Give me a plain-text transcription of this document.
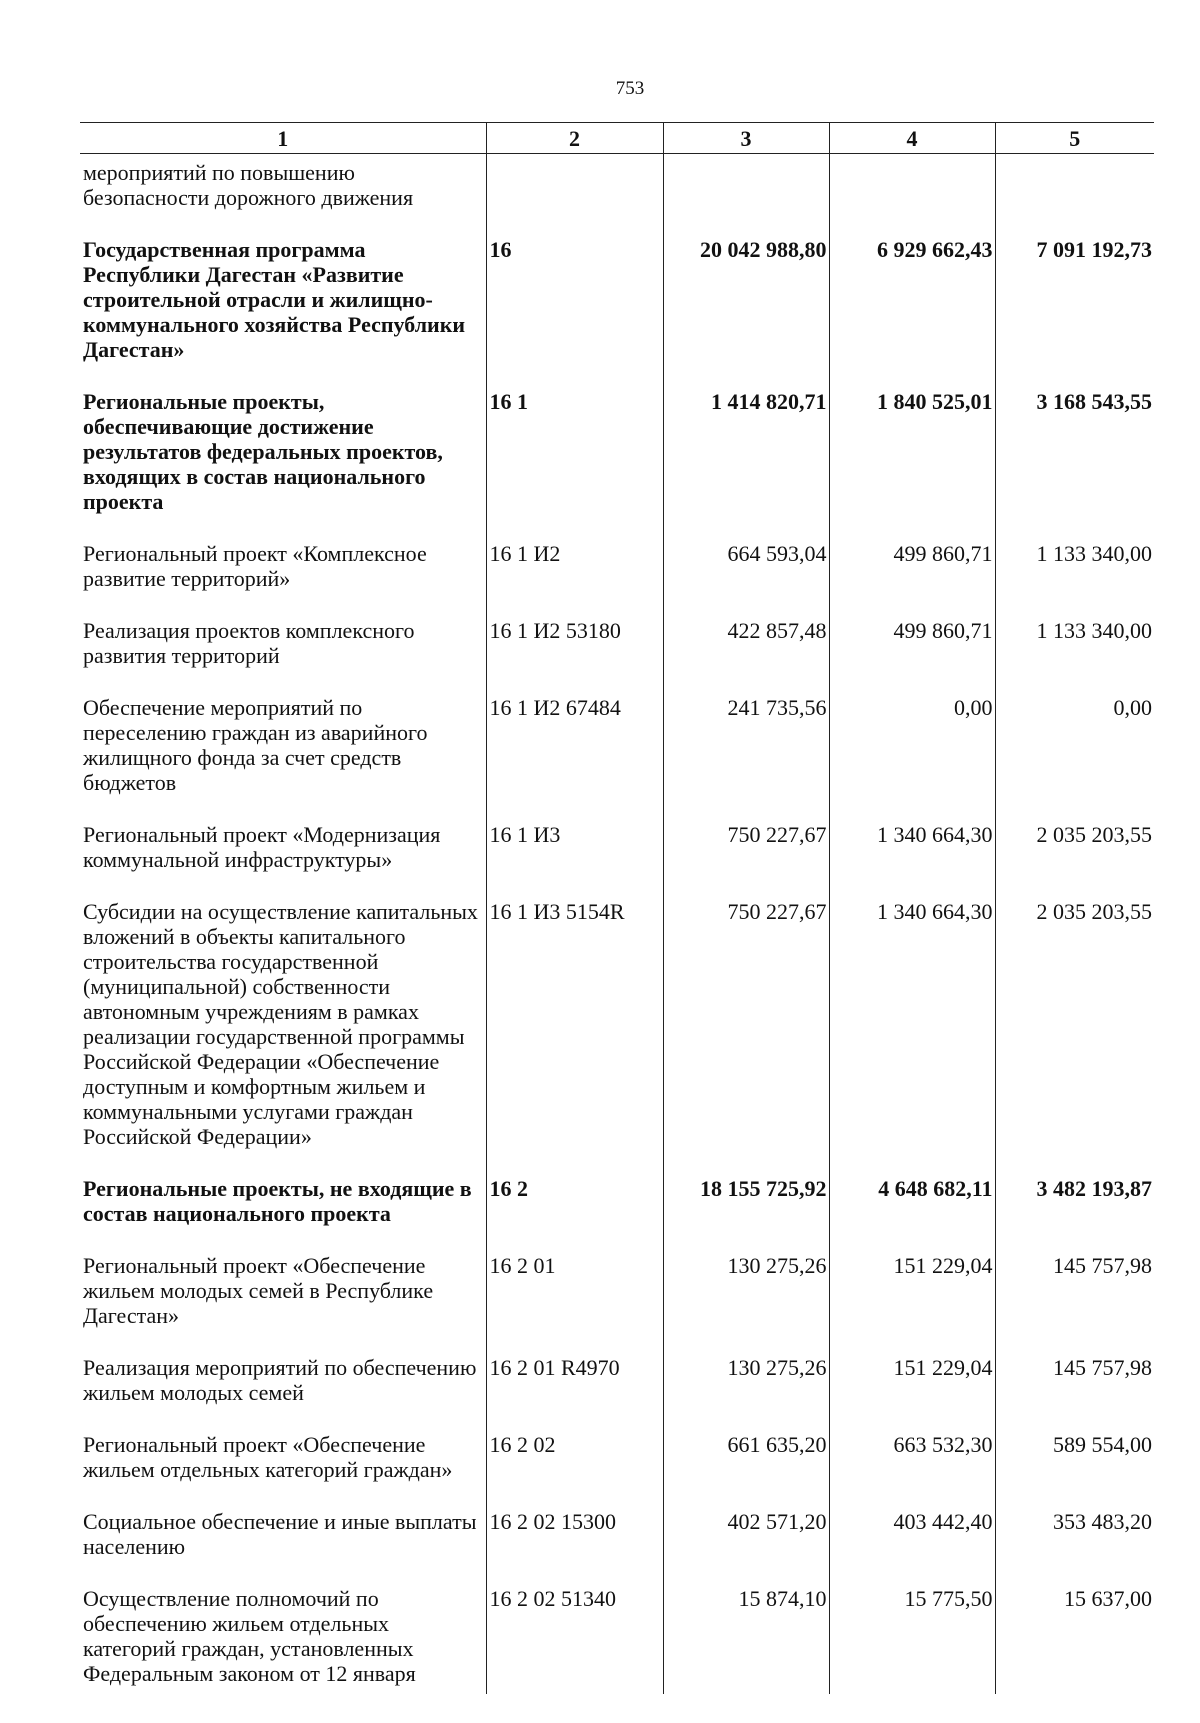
753
1	2	3	4	5
мероприятий по повышению безопасности дорожного движения				
Государственная программа Республики Дагестан «Развитие строительной отрасли и жилищно-коммунального хозяйства Республики Дагестан»	16	20 042 988,80	6 929 662,43	7 091 192,73
Региональные проекты, обеспечивающие достижение результатов федеральных проектов, входящих в состав национального проекта	16 1	1 414 820,71	1 840 525,01	3 168 543,55
Региональный проект «Комплексное развитие территорий»	16 1 И2	664 593,04	499 860,71	1 133 340,00
Реализация проектов комплексного развития территорий	16 1 И2 53180	422 857,48	499 860,71	1 133 340,00
Обеспечение мероприятий по переселению граждан из аварийного жилищного фонда за счет средств бюджетов	16 1 И2 67484	241 735,56	0,00	0,00
Региональный проект «Модернизация коммунальной инфраструктуры»	16 1 И3	750 227,67	1 340 664,30	2 035 203,55
Субсидии на осуществление капитальных вложений в объекты капитального строительства государственной (муниципальной) собственности автономным учреждениям в рамках реализации государственной программы Российской Федерации «Обеспечение доступным и комфортным жильем и коммунальными услугами граждан Российской Федерации»	16 1 И3 5154R	750 227,67	1 340 664,30	2 035 203,55
Региональные проекты, не входящие в состав национального проекта	16 2	18 155 725,92	4 648 682,11	3 482 193,87
Региональный проект «Обеспечение жильем молодых семей в Республике Дагестан»	16 2 01	130 275,26	151 229,04	145 757,98
Реализация мероприятий по обеспечению жильем молодых семей	16 2 01 R4970	130 275,26	151 229,04	145 757,98
Региональный проект «Обеспечение жильем отдельных категорий граждан»	16 2 02	661 635,20	663 532,30	589 554,00
Социальное обеспечение и иные выплаты населению	16 2 02 15300	402 571,20	403 442,40	353 483,20
Осуществление полномочий по обеспечению жильем отдельных категорий граждан, установленных Федеральным законом от 12 января	16 2 02 51340	15 874,10	15 775,50	15 637,00
